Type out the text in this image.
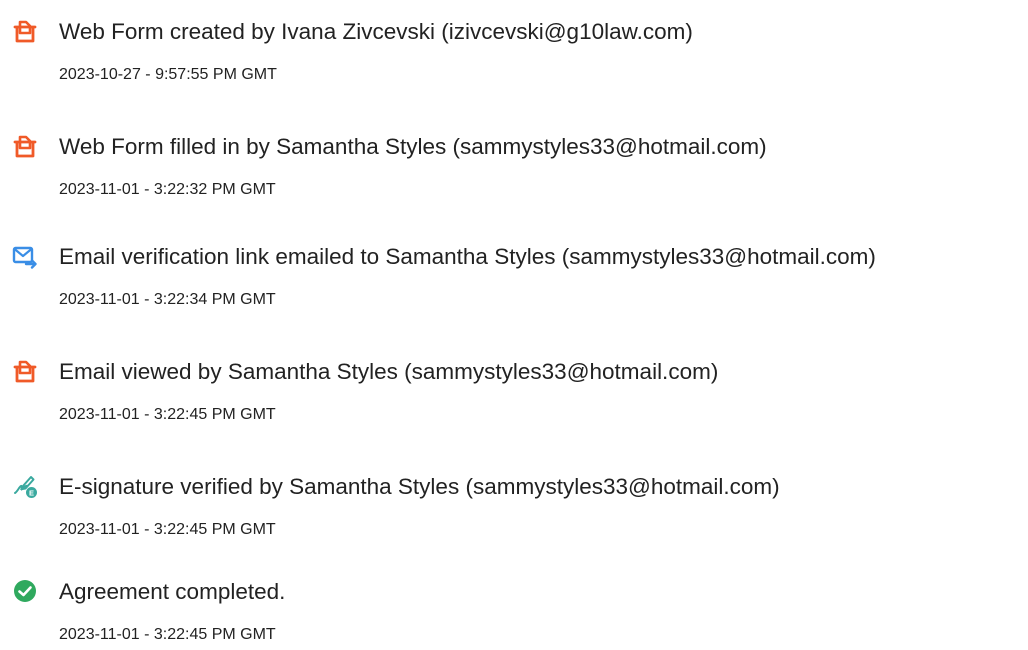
Web Form created by Ivana Zivcevski (izivcevski@g10law.com)
2023-10-27 - 9:57:55 PM GMT
Web Form filled in by Samantha Styles (sammystyles33@hotmail.com)
2023-11-01 - 3:22:32 PM GMT
Email verification link emailed to Samantha Styles (sammystyles33@hotmail.com)
2023-11-01 - 3:22:34 PM GMT
Email viewed by Samantha Styles (sammystyles33@hotmail.com)
2023-11-01 - 3:22:45 PM GMT
E E-signature verified by Samantha Styles (sammystyles33@hotmail.com)
2023-11-01 - 3:22:45 PM GMT
Agreement completed.
2023-11-01 - 3:22:45 PM GMT
